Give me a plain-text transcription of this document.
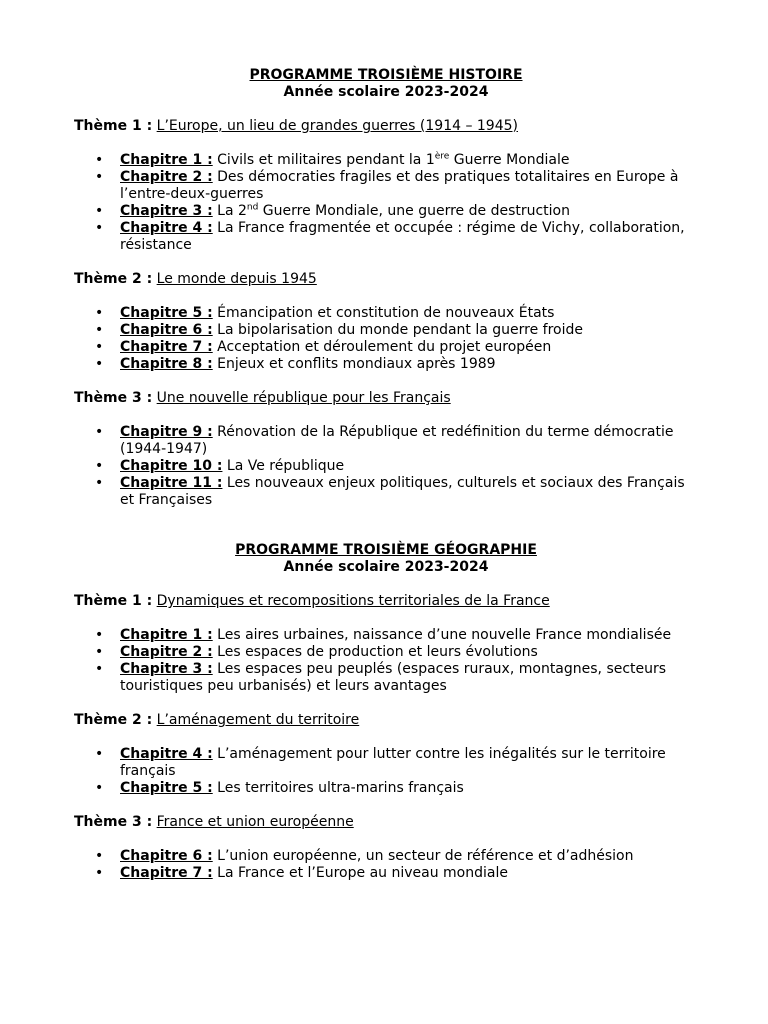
PROGRAMME TROISIÈME HISTOIRE
Année scolaire 2023-2024
Thème 1 : L’Europe, un lieu de grandes guerres (1914 – 1945)
• Chapitre 1 : Civils et militaires pendant la 1ère Guerre Mondiale
• Chapitre 2 : Des démocraties fragiles et des pratiques totalitaires en Europe à l’entre-deux-guerres
• Chapitre 3 : La 2nd Guerre Mondiale, une guerre de destruction
• Chapitre 4 : La France fragmentée et occupée : régime de Vichy, collaboration, résistance
Thème 2 : Le monde depuis 1945
• Chapitre 5 : Émancipation et constitution de nouveaux États
• Chapitre 6 : La bipolarisation du monde pendant la guerre froide
• Chapitre 7 : Acceptation et déroulement du projet européen
• Chapitre 8 : Enjeux et conflits mondiaux après 1989
Thème 3 : Une nouvelle république pour les Français
• Chapitre 9 : Rénovation de la République et redéfinition du terme démocratie (1944-1947)
• Chapitre 10 : La Ve république
• Chapitre 11 : Les nouveaux enjeux politiques, culturels et sociaux des Français et Françaises
PROGRAMME TROISIÈME GÉOGRAPHIE
Année scolaire 2023-2024
Thème 1 : Dynamiques et recompositions territoriales de la France
• Chapitre 1 : Les aires urbaines, naissance d’une nouvelle France mondialisée
• Chapitre 2 : Les espaces de production et leurs évolutions
• Chapitre 3 : Les espaces peu peuplés (espaces ruraux, montagnes, secteurs touristiques peu urbanisés) et leurs avantages
Thème 2 : L’aménagement du territoire
• Chapitre 4 : L’aménagement pour lutter contre les inégalités sur le territoire français
• Chapitre 5 : Les territoires ultra-marins français
Thème 3 : France et union européenne
• Chapitre 6 : L’union européenne, un secteur de référence et d’adhésion
• Chapitre 7 : La France et l’Europe au niveau mondiale
